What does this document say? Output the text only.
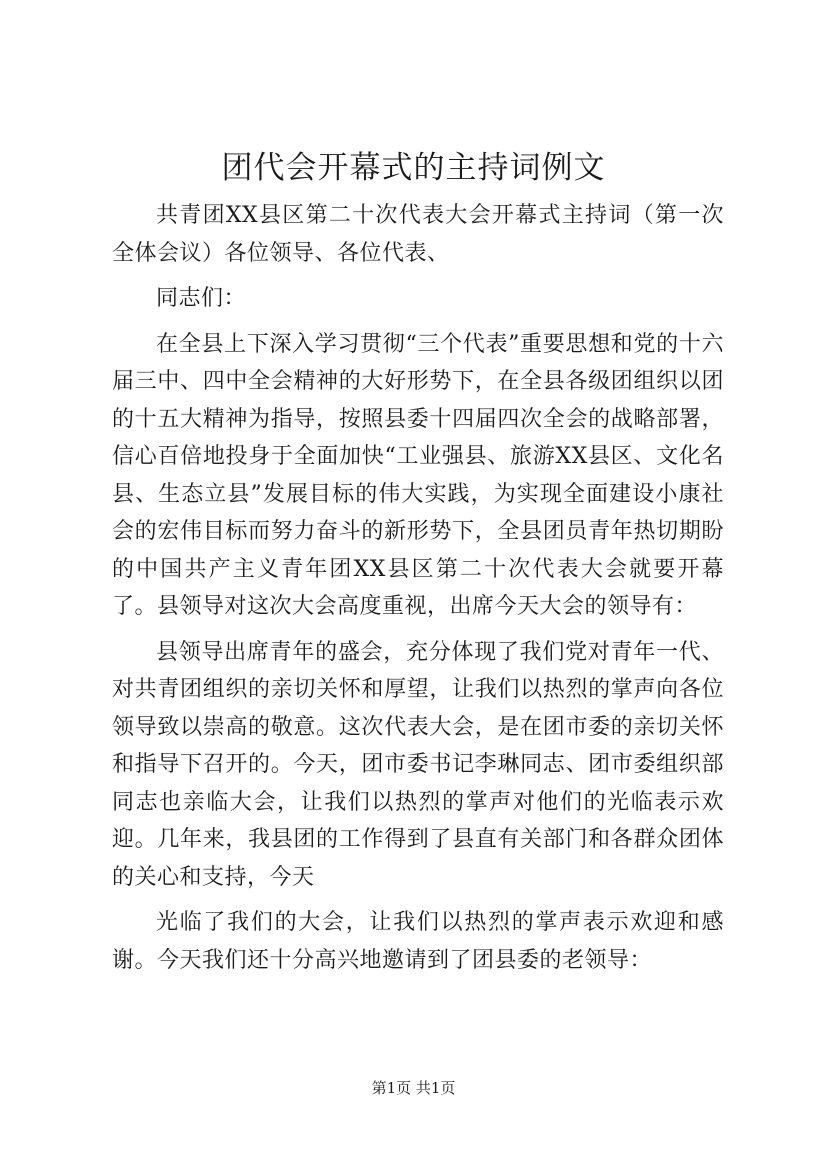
团代会开幕式的主持词例文

共青团XX县区第二十次代表大会开幕式主持词（第一次全体会议）各位领导、各位代表、

同志们：

在全县上下深入学习贯彻“三个代表”重要思想和党的十六届三中、四中全会精神的大好形势下，在全县各级团组织以团的十五大精神为指导，按照县委十四届四次全会的战略部署，信心百倍地投身于全面加快“工业强县、旅游XX县区、文化名县、生态立县”发展目标的伟大实践，为实现全面建设小康社会的宏伟目标而努力奋斗的新形势下，全县团员青年热切期盼的中国共产主义青年团XX县区第二十次代表大会就要开幕了。县领导对这次大会高度重视，出席今天大会的领导有：

县领导出席青年的盛会，充分体现了我们党对青年一代、对共青团组织的亲切关怀和厚望，让我们以热烈的掌声向各位领导致以崇高的敬意。这次代表大会，是在团市委的亲切关怀和指导下召开的。今天，团市委书记李琳同志、团市委组织部同志也亲临大会，让我们以热烈的掌声对他们的光临表示欢迎。几年来，我县团的工作得到了县直有关部门和各群众团体的关心和支持，今天

光临了我们的大会，让我们以热烈的掌声表示欢迎和感谢。今天我们还十分高兴地邀请到了团县委的老领导：

第1页 共1页
